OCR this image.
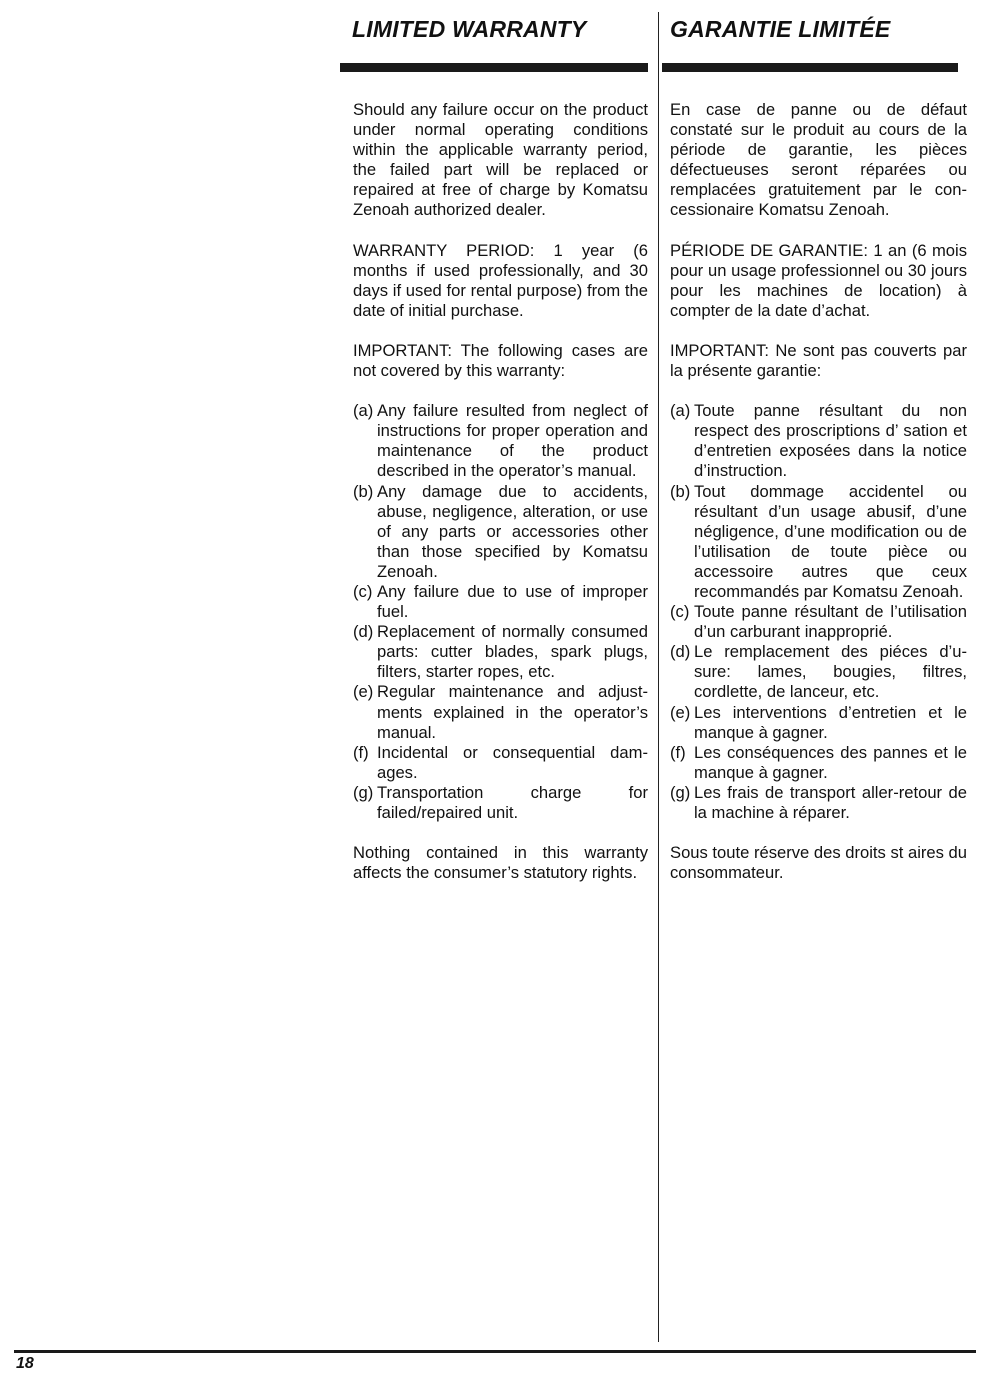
LIMITED WARRANTY	GARANTIE LIMITÉE

Should any failure occur on the product under normal operating conditions within the applicable warranty period, the failed part will be replaced or repaired at free of charge by Komatsu Zenoah authorized dealer.

WARRANTY PERIOD: 1 year (6 months if used professionally, and 30 days if used for rental purpose) from the date of initial purchase.

IMPORTANT: The following cases are not covered by this warranty:

(a) Any failure resulted from neglect of instructions for proper operation and maintenance of the product described in the operator’s manual.
(b) Any damage due to accidents, abuse, negligence, alteration, or use of any parts or accessories other than those specified by Komatsu Zenoah.
(c) Any failure due to use of improper fuel.
(d) Replacement of normally consumed parts: cutter blades, spark plugs, filters, starter ropes, etc.
(e) Regular maintenance and adjustments explained in the operator’s manual.
(f) Incidental or consequential damages.
(g) Transportation charge for failed/repaired unit.

Nothing contained in this warranty affects the consumer’s statutory rights.

En case de panne ou de défaut constaté sur le produit au cours de la période de garantie, les pièces défectueuses seront réparées ou remplacées gratuitement par le concessionaire Komatsu Zenoah.

PÉRIODE DE GARANTIE: 1 an (6 mois pour un usage professionnel ou 30 jours pour les machines de location) à compter de la date d’achat.

IMPORTANT: Ne sont pas couverts par la présente garantie:

(a) Toute panne résultant du non respect des proscriptions d’ sation et d’entretien exposées dans la notice d’instruction.
(b) Tout dommage accidentel ou résultant d’un usage abusif, d’une négligence, d’une modification ou de l’utilisation de toute pièce ou accessoire autres que ceux recommandés par Komatsu Zenoah.
(c) Toute panne résultant de l’utilisation d’un carburant inapproprié.
(d) Le remplacement des piéces d’usure: lames, bougies, filtres, cordlette, de lanceur, etc.
(e) Les interventions d’entretien et le manque à gagner.
(f) Les conséquences des pannes et le manque à gagner.
(g) Les frais de transport aller-retour de la machine à réparer.

Sous toute réserve des droits st aires du consommateur.

18
